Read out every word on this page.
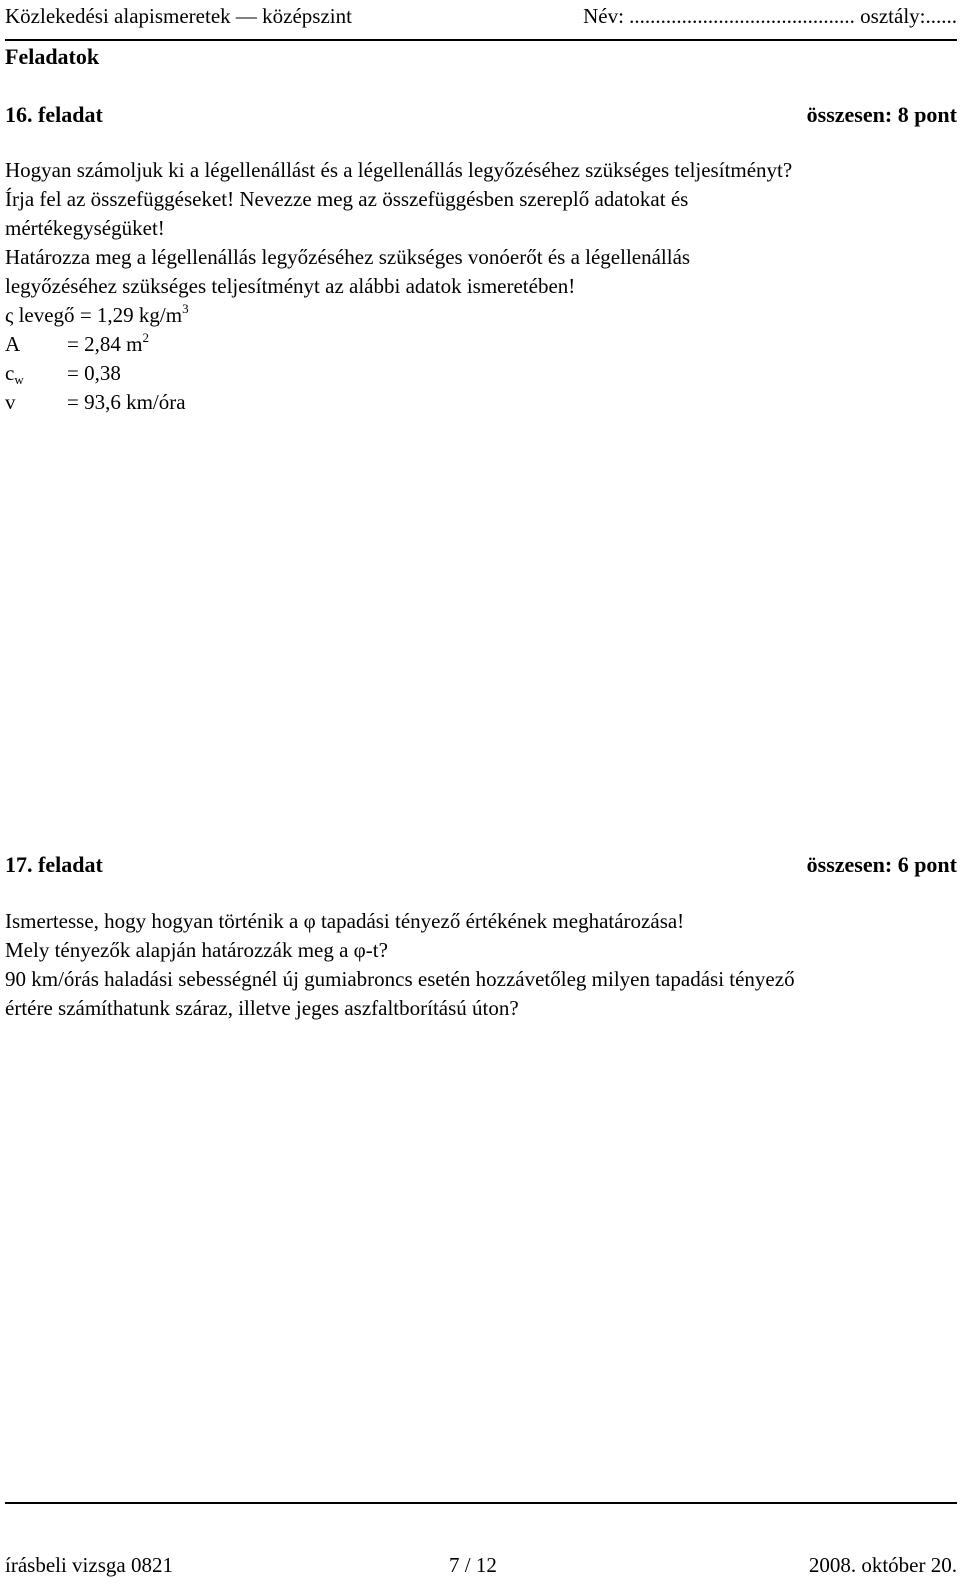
Közlekedési alapismeretek — középszint	Név: ........................................... osztály:......
Feladatok
16. feladat	összesen: 8 pont

Hogyan számoljuk ki a légellenállást és a légellenállás legyőzéséhez szükséges teljesítményt?

Írja fel az összefüggéseket! Nevezze meg az összefüggésben szereplő adatokat és

mértékegységüket!

Határozza meg a légellenállás legyőzéséhez szükséges vonóerőt és a légellenállás

legyőzéséhez szükséges teljesítményt az alábbi adatok ismeretében!

ς levegő = 1,29 $kg/m^3$
A = 2,84 $m^2$
$c_w = 0,38$
v = 93,6 km/óra
17. feladat	összesen: 6 pont

Ismertesse, hogy hogyan történik a φ tapadási tényező értékének meghatározása!

Mely tényezők alapján határozzák meg a φ-t?

90 km/órás haladási sebességnél új gumiabroncs esetén hozzávetőleg milyen tapadási tényező

értére számíthatunk száraz, illetve jeges aszfaltborítású úton?

írásbeli vizsga 0821	7 / 12	2008. október 20.
